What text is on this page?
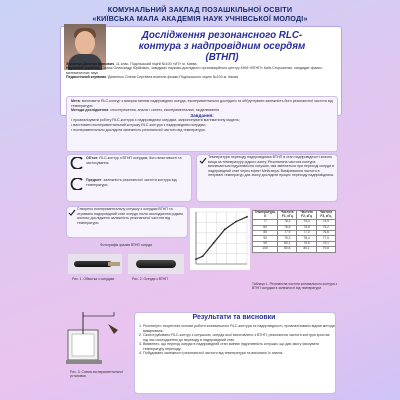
КОМУНАЛЬНИЙ ЗАКЛАД ПОЗАШКІЛЬНОЇ ОСВІТИ
«КИЇВСЬКА МАЛА АКАДЕМІЯ НАУК УЧНІВСЬКОЇ МОЛОДІ»
Дослідження резонансного RLC-
контура з надпровідним осердям
(ВТНП)
Золотнук Дмитро Іванович, 11 клас, Подільський ліцей №100 «ИТ» м. Києва
Науковий керівник: Салюк Олександр Юрійович, завідувач науково-дослідного організаційного центру КНМ «ВТНП» Київ-Стороженко, кандидат фізико-математичних наук
Педагогічний керівник: Дєяненко Олена Сергіївна вчитель фізики Подільського ліцею №100 м. Києва

Мета: виготовити RLC-контур з використанням надпровідних осердь, експериментально дослідити та обґрунтувати залежність його резонансної частоти від температури.

Методи дослідження: спостереження, аналіз і синтез, експериментальні, моделювання

Завдання:

• проаналізувати роботу RLC-контура з надпровідним осердям, запропонувати математичну модель;

• виготовити експериментальний котушку RLC-контура з надпровідним осердям;

• експериментально дослідити залежність резонансної частоти від температури.

Об'єкт: RLC-контур з ВТНП осердям, його властивості та застосування.
Предмет: залежність резонансної частоти контура від температури.
Температура переходу надпровідника ВТНП в стан надпровідності значно вища за температуру рідкого азоту. Резонансна частота контура визначається індуктивністю котушки, яка змінюється при переході осердя в надпровідний стан через ефект Мейснера. Вимірювання частоти в інтервалі температур дає змогу дослідити процес переходу надпровідника.
Створено експериментальну котушку з осердям ВТНП та отримано надпровідний стан осердя після охолодження рідким азотом; досліджено залежність резонансної частоти від температури.
Фотографія зразків ВТНП осердя
Рис. 1. Обмотка з осердям	Рис. 2. Осердя з ВТНП
Температура, К	Частота F1, кГц	Частота F2, кГц	Частота F3, кГц
77	76,2	75,4	74,9
80	76,5	75,8	75,2
85	77,9	77,0	76,6
90	79,3	78,4	77,9
95	80,1	79,6	79,1
100	80,6	80,1	79,8
Таблиця 1. Резонансна частота коливального контура з ВТНП осердям в залежності від температури
Рис. 3. Схема експериментальної установки
Результати та висновки
1. Розглянуто теоретичні основи роботи коливального RLC-контура та надпровідності, проаналізовано відомі методи вимірювань.
2. Сконструйовано RLC-контур з котушкою, осердя якої виготовлено з ВТНП; резонансна частота контура зростає під час охолодження до переходу в надпровідний стан.
3. Виявлено, що перехід осердя в надпровідний стан змінює індуктивність котушки, що дає змогу фіксувати температуру переходу.
4. Побудовано залежності резонансної частоти від температури та виконано їх аналіз.
